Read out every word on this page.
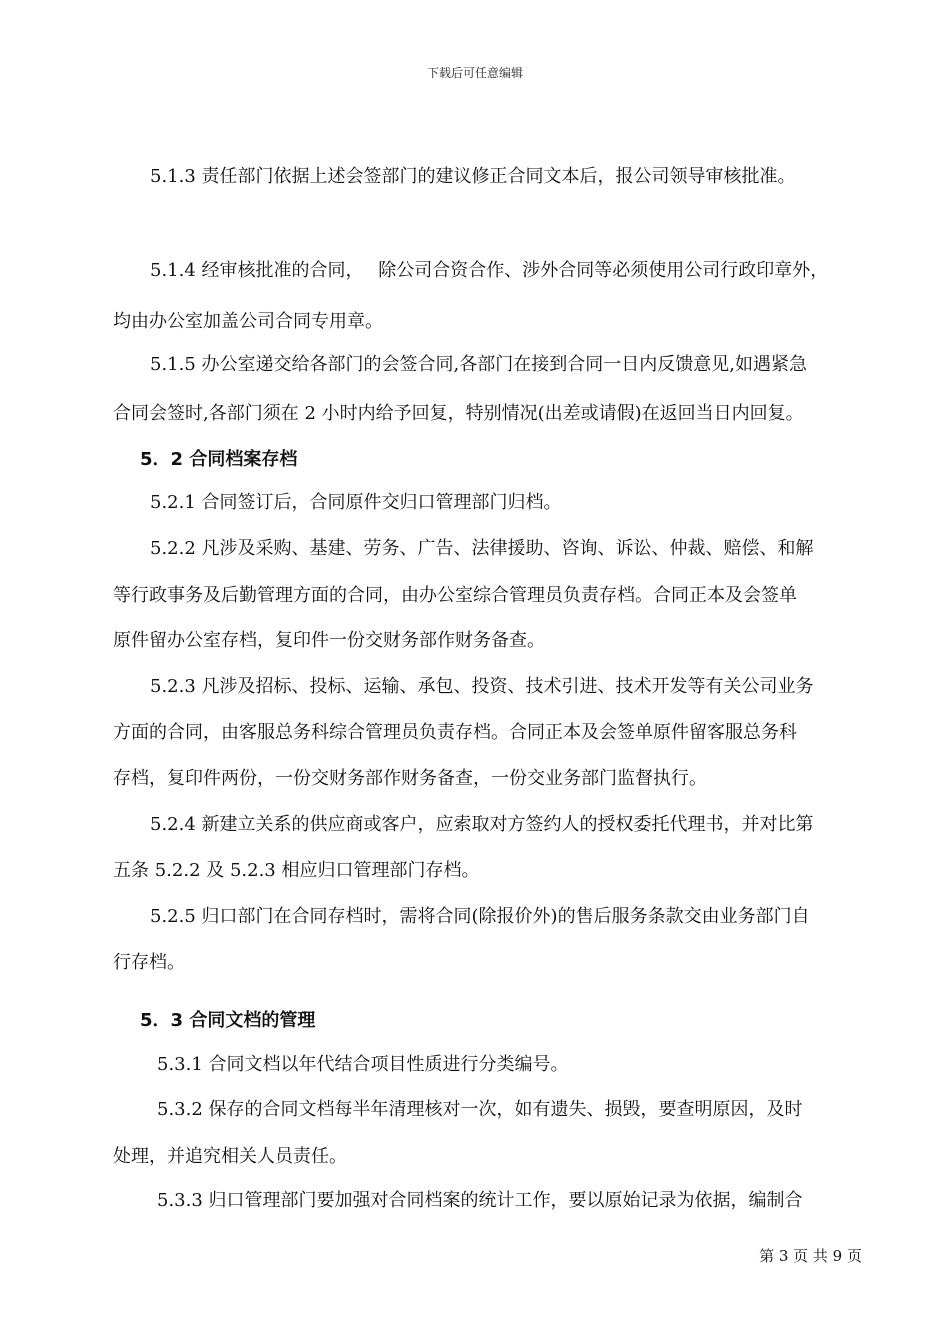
下载后可任意编辑
5.1.3 责任部门依据上述会签部门的建议修正合同文本后，报公司领导审核批准。
5.1.4 经审核批准的合同，　 除公司合资合作、涉外合同等必须使用公司行政印章外，
均由办公室加盖公司合同专用章。
5.1.5 办公室递交给各部门的会签合同,各部门在接到合同一日内反馈意见,如遇紧急
合同会签时,各部门须在 2 小时内给予回复，特别情况(出差或请假)在返回当日内回复。
5．2 合同档案存档
5.2.1 合同签订后，合同原件交归口管理部门归档。
5.2.2 凡涉及采购、基建、劳务、广告、法律援助、咨询、诉讼、仲裁、赔偿、和解
等行政事务及后勤管理方面的合同，由办公室综合管理员负责存档。合同正本及会签单
原件留办公室存档，复印件一份交财务部作财务备查。
5.2.3 凡涉及招标、投标、运输、承包、投资、技术引进、技术开发等有关公司业务
方面的合同，由客服总务科综合管理员负责存档。合同正本及会签单原件留客服总务科
存档，复印件两份，一份交财务部作财务备查，一份交业务部门监督执行。
5.2.4 新建立关系的供应商或客户，应索取对方签约人的授权委托代理书，并对比第
五条 5.2.2 及 5.2.3 相应归口管理部门存档。
5.2.5 归口部门在合同存档时，需将合同(除报价外)的售后服务条款交由业务部门自
行存档。
5．3 合同文档的管理
5.3.1 合同文档以年代结合项目性质进行分类编号。
5.3.2 保存的合同文档每半年清理核对一次，如有遗失、损毁，要查明原因，及时
处理，并追究相关人员责任。
5.3.3 归口管理部门要加强对合同档案的统计工作，要以原始记录为依据，编制合
第 3 页 共 9 页
